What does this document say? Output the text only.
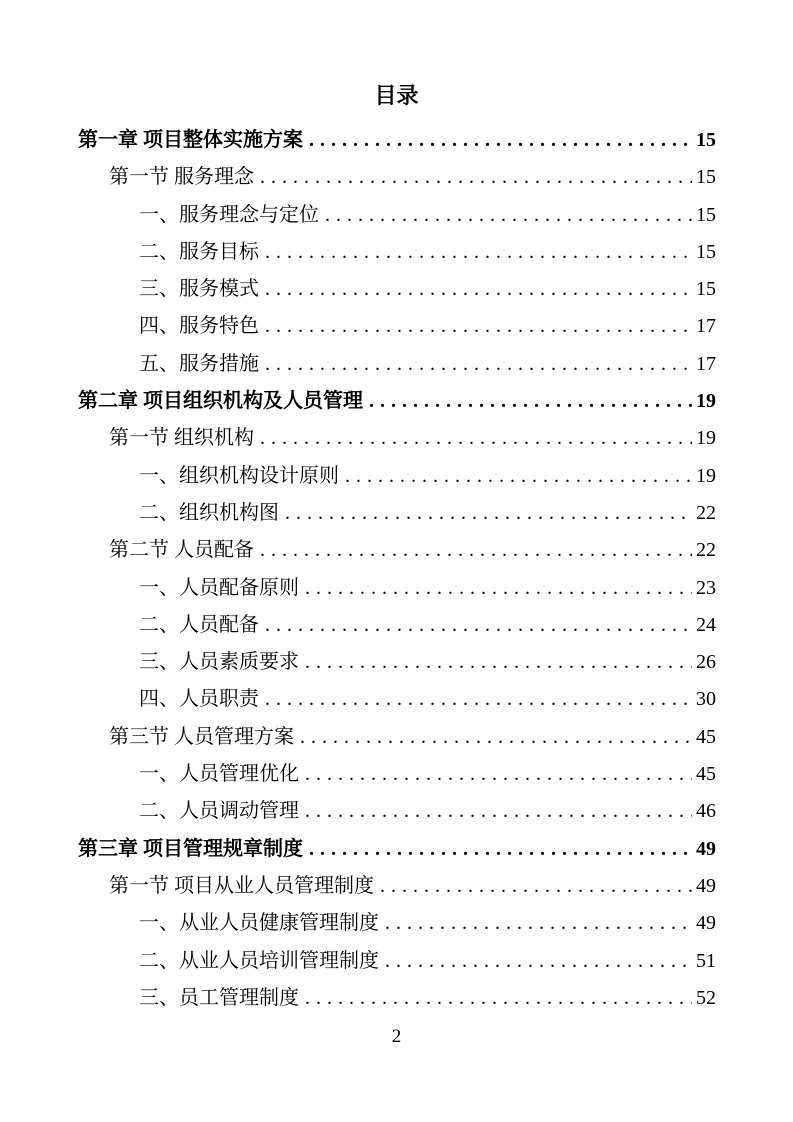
目录
第一章 项目整体实施方案 . . .	15
第一节 服务理念 . . .	15
一、服务理念与定位 . . .	15
二、服务目标 . . .	15
三、服务模式 . . .	15
四、服务特色 . . .	17
五、服务措施 . . .	17
第二章 项目组织机构及人员管理 . . .	19
第一节 组织机构 . . .	19
一、组织机构设计原则 . . .	19
二、组织机构图 . . .	22
第二节 人员配备 . . .	22
一、人员配备原则 . . .	23
二、人员配备 . . .	24
三、人员素质要求 . . .	26
四、人员职责 . . .	30
第三节 人员管理方案 . . .	45
一、人员管理优化 . . .	45
二、人员调动管理 . . .	46
第三章 项目管理规章制度 . . .	49
第一节 项目从业人员管理制度 . . .	49
一、从业人员健康管理制度 . . .	49
二、从业人员培训管理制度 . . .	51
三、员工管理制度 . . .	52
2
